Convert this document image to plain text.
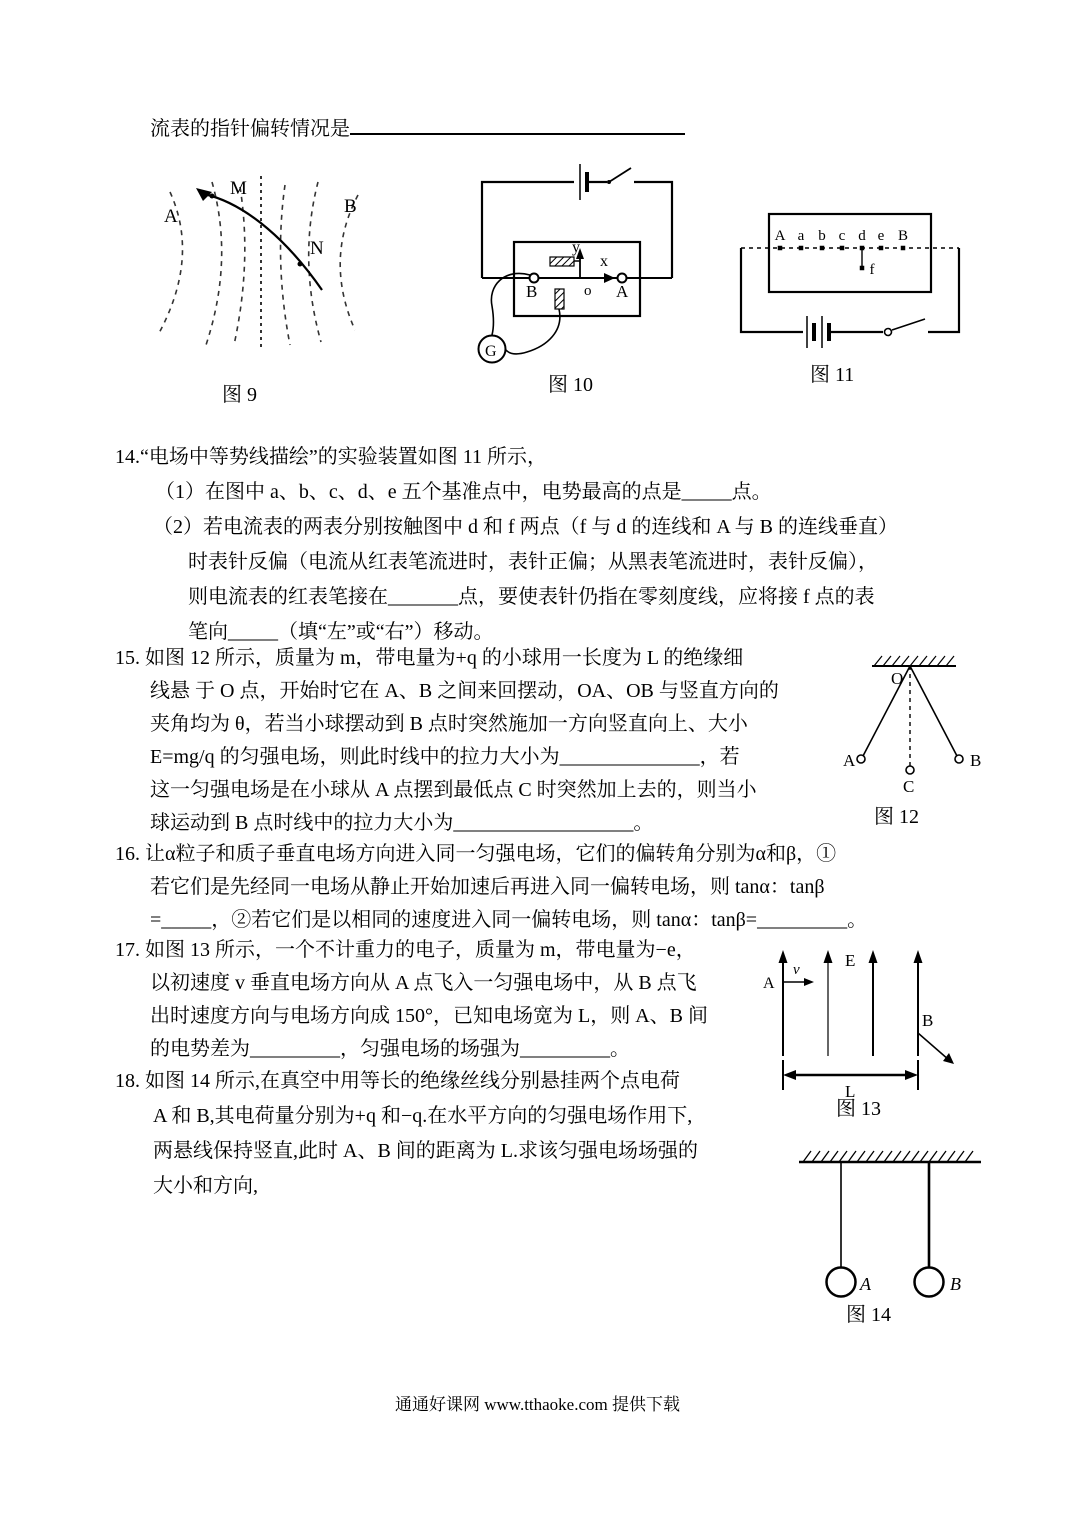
流表的指针偏转情况是
A
M
B
N
图 9
y
x
o
B	A
G
图 10
A a b c d e B
f
图 11
14.“电场中等势线描绘”的实验装置如图 11 所示，
（1）在图中 a、b、c、d、e 五个基准点中，电势最高的点是_____点。
（2）若电流表的两表分别按触图中 d 和 f 两点（f 与 d 的连线和 A 与 B 的连线垂直）
时表针反偏（电流从红表笔流进时，表针正偏；从黑表笔流进时，表针反偏），
则电流表的红表笔接在_______点，要使表针仍指在零刻度线，应将接 f 点的表
笔向_____（填“左”或“右”）移动。
15. 如图 12 所示，质量为 m，带电量为+q 的小球用一长度为 L 的绝缘细
线悬 于 O 点，开始时它在 A、B 之间来回摆动，OA、OB 与竖直方向的
夹角均为 θ，若当小球摆动到 B 点时突然施加一方向竖直向上、大小
E=mg/q 的匀强电场，则此时线中的拉力大小为______________，若
这一匀强电场是在小球从 A 点摆到最低点 C 时突然加上去的，则当小
球运动到 B 点时线中的拉力大小为__________________。
O
A	B
C
图 12
16. 让α粒子和质子垂直电场方向进入同一匀强电场，它们的偏转角分别为α和β，①
若它们是先经同一电场从静止开始加速后再进入同一偏转电场，则 tanα：tanβ
=_____，②若它们是以相同的速度进入同一偏转电场，则 tanα：tanβ=_________。
17. 如图 13 所示，一个不计重力的电子，质量为 m，带电量为−e，
以初速度 v 垂直电场方向从 A 点飞入一匀强电场中，从 B 点飞
出时速度方向与电场方向成 150°，已知电场宽为 L，则 A、B 间
的电势差为_________，匀强电场的场强为_________。
E
A
v
B
L
图 13
18. 如图 14 所示,在真空中用等长的绝缘丝线分别悬挂两个点电荷
A 和 B,其电荷量分别为+q 和−q.在水平方向的匀强电场作用下,
两悬线保持竖直,此时 A、B 间的距离为 L.求该匀强电场场强的
大小和方向,
A	B
图 14
通通好课网 www.tthaoke.com 提供下载
